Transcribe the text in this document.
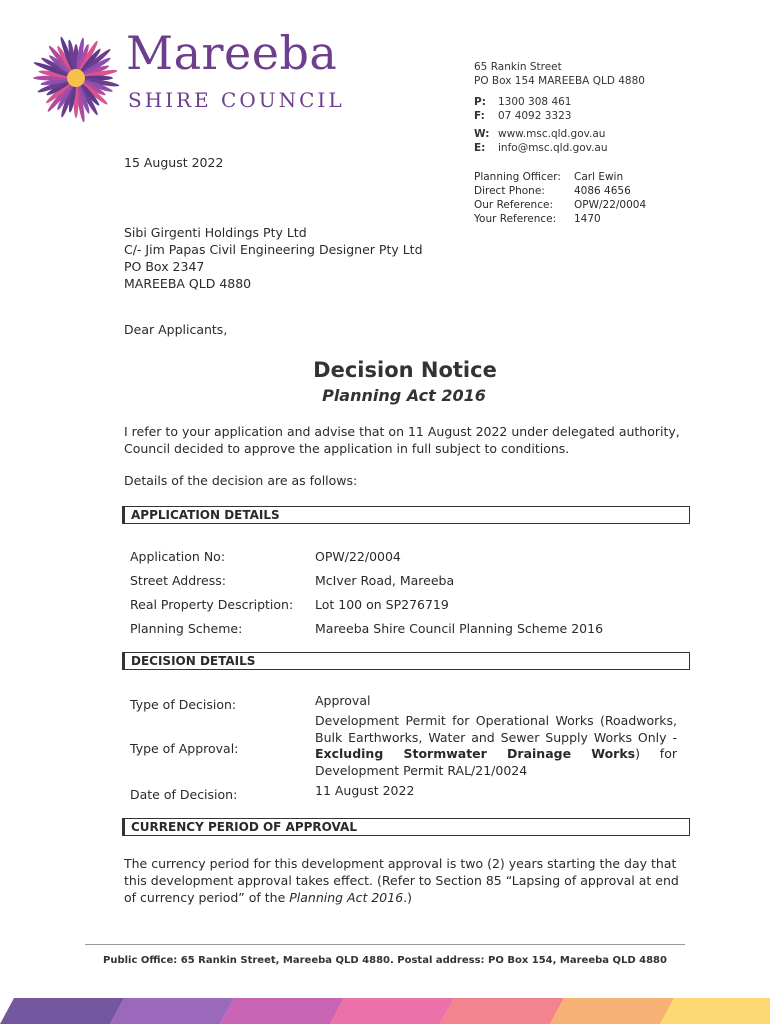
Mareeba
SHIRE COUNCIL
65 Rankin Street
PO Box 154 MAREEBA QLD 4880
P: 1300 308 461
F: 07 4092 3323
W: www.msc.qld.gov.au
E: info@msc.qld.gov.au
Planning Officer: Carl Ewin
Direct Phone:	4086 4656
Our Reference: OPW/22/0004
Your Reference: 1470
15 August 2022
Sibi Girgenti Holdings Pty Ltd
C/- Jim Papas Civil Engineering Designer Pty Ltd
PO Box 2347
MAREEBA QLD 4880
Dear Applicants,
Decision Notice
Planning Act 2016
I refer to your application and advise that on 11 August 2022 under delegated authority, Council decided to approve the application in full subject to conditions.
Details of the decision are as follows:
APPLICATION DETAILS
Application No:	OPW/22/0004
Street Address:	McIver Road, Mareeba
Real Property Description: Lot 100 on SP276719
Planning Scheme:	Mareeba Shire Council Planning Scheme 2016
DECISION DETAILS
Type of Decision:	Approval
Type of Approval:
Development Permit for Operational Works (Roadworks, Bulk Earthworks, Water and Sewer Supply Works Only - Excluding Stormwater Drainage Works) for Development Permit RAL/21/0024
Date of Decision:	11 August 2022
CURRENCY PERIOD OF APPROVAL
The currency period for this development approval is two (2) years starting the day that this development approval takes effect. (Refer to Section 85 “Lapsing of approval at end of currency period” of the Planning Act 2016.)
Public Office: 65 Rankin Street, Mareeba QLD 4880. Postal address: PO Box 154, Mareeba QLD 4880
